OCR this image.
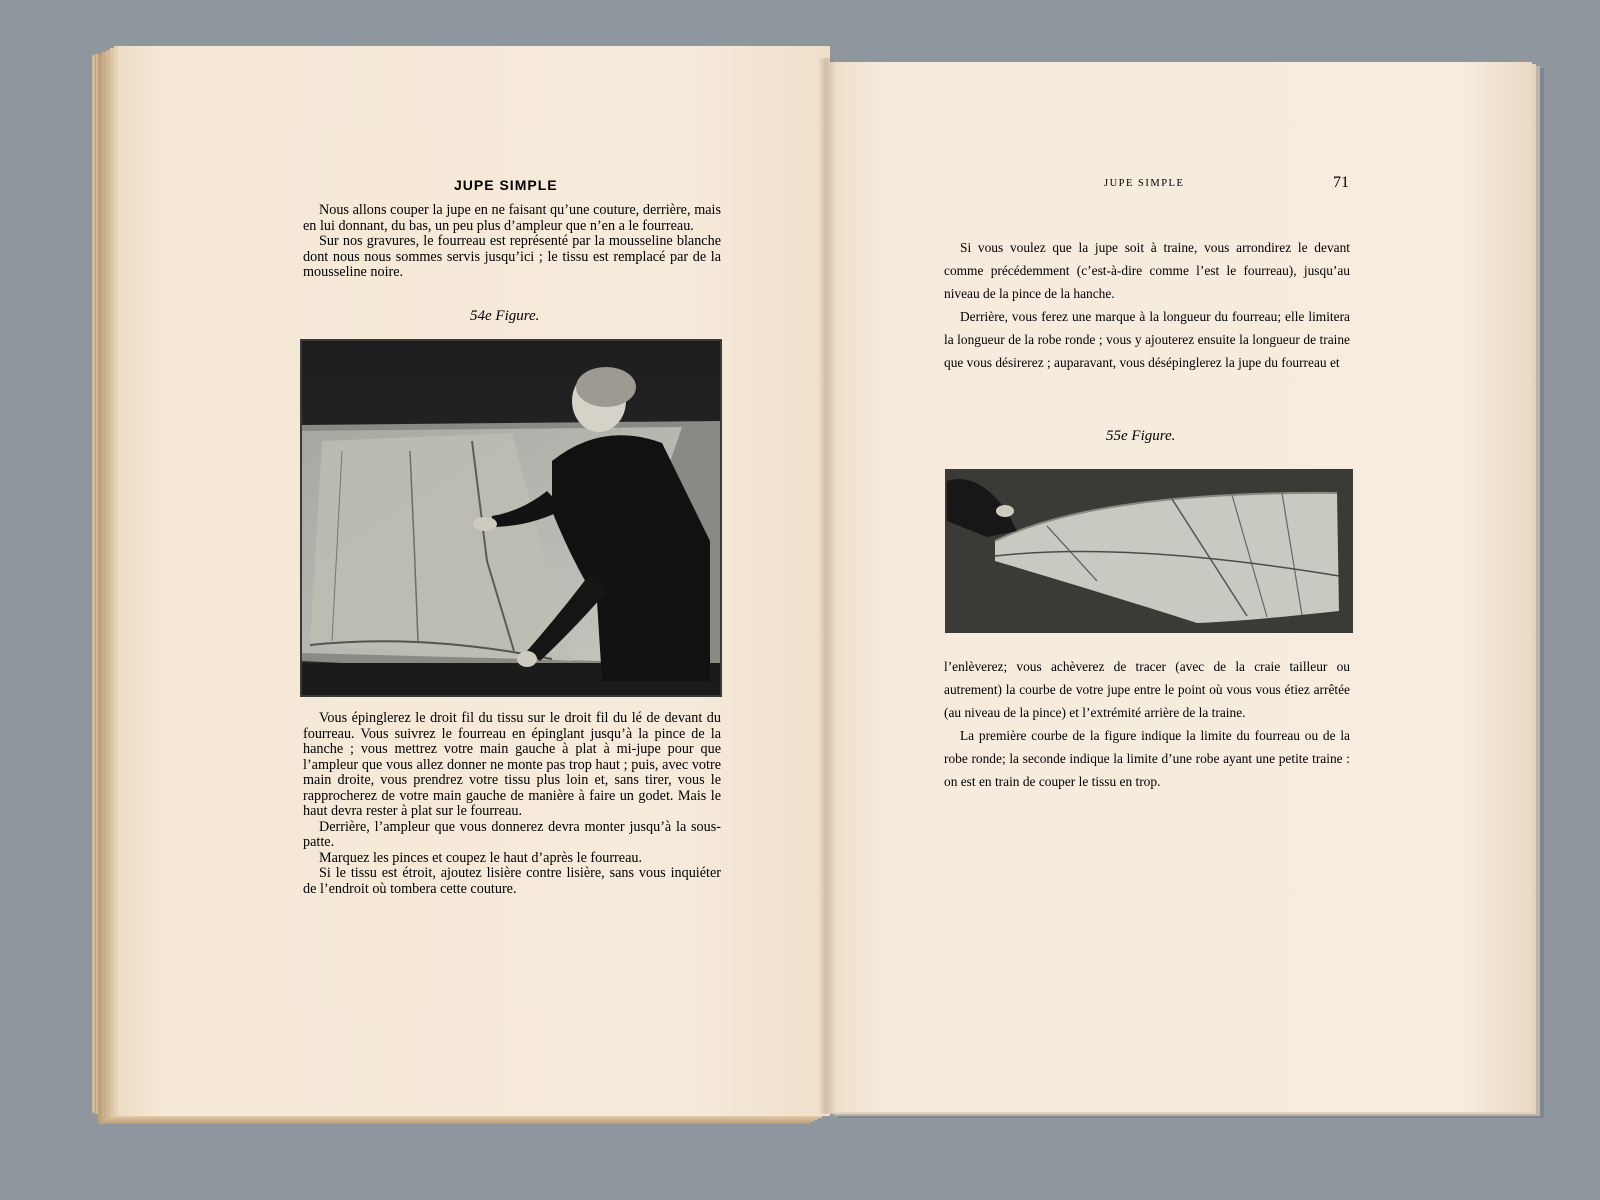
JUPE SIMPLE

Nous allons couper la jupe en ne faisant qu’une couture, derrière, mais en lui donnant, du bas, un peu plus d’ampleur que n’en a le fourreau.

Sur nos gravures, le fourreau est représenté par la mousseline blanche dont nous nous sommes servis jusqu’ici ; le tissu est remplacé par de la mousseline noire.

54e Figure.

Vous épinglerez le droit fil du tissu sur le droit fil du lé de devant du fourreau. Vous suivrez le fourreau en épinglant jusqu’à la pince de la hanche ; vous mettrez votre main gauche à plat à mi-jupe pour que l’ampleur que vous allez donner ne monte pas trop haut ; puis, avec votre main droite, vous prendrez votre tissu plus loin et, sans tirer, vous le rapprocherez de votre main gauche de manière à faire un godet. Mais le haut devra rester à plat sur le fourreau.

Derrière, l’ampleur que vous donnerez devra monter jusqu’à la sous-patte.

Marquez les pinces et coupez le haut d’après le fourreau.

Si le tissu est étroit, ajoutez lisière contre lisière, sans vous inquiéter de l’endroit où tombera cette couture.

JUPE SIMPLE	71

Si vous voulez que la jupe soit à traine, vous arrondirez le devant comme précédemment (c’est-à-dire comme l’est le fourreau), jusqu’au niveau de la pince de la hanche.

Derrière, vous ferez une marque à la longueur du fourreau; elle limitera la longueur de la robe ronde ; vous y ajouterez ensuite la longueur de traine que vous désirerez ; auparavant, vous désépinglerez la jupe du fourreau et

55e Figure.

l’enlèverez; vous achèverez de tracer (avec de la craie tailleur ou autrement) la courbe de votre jupe entre le point où vous vous étiez arrêtée (au niveau de la pince) et l’extrémité arrière de la traine.

La première courbe de la figure indique la limite du fourreau ou de la robe ronde; la seconde indique la limite d’une robe ayant une petite traine : on est en train de couper le tissu en trop.
